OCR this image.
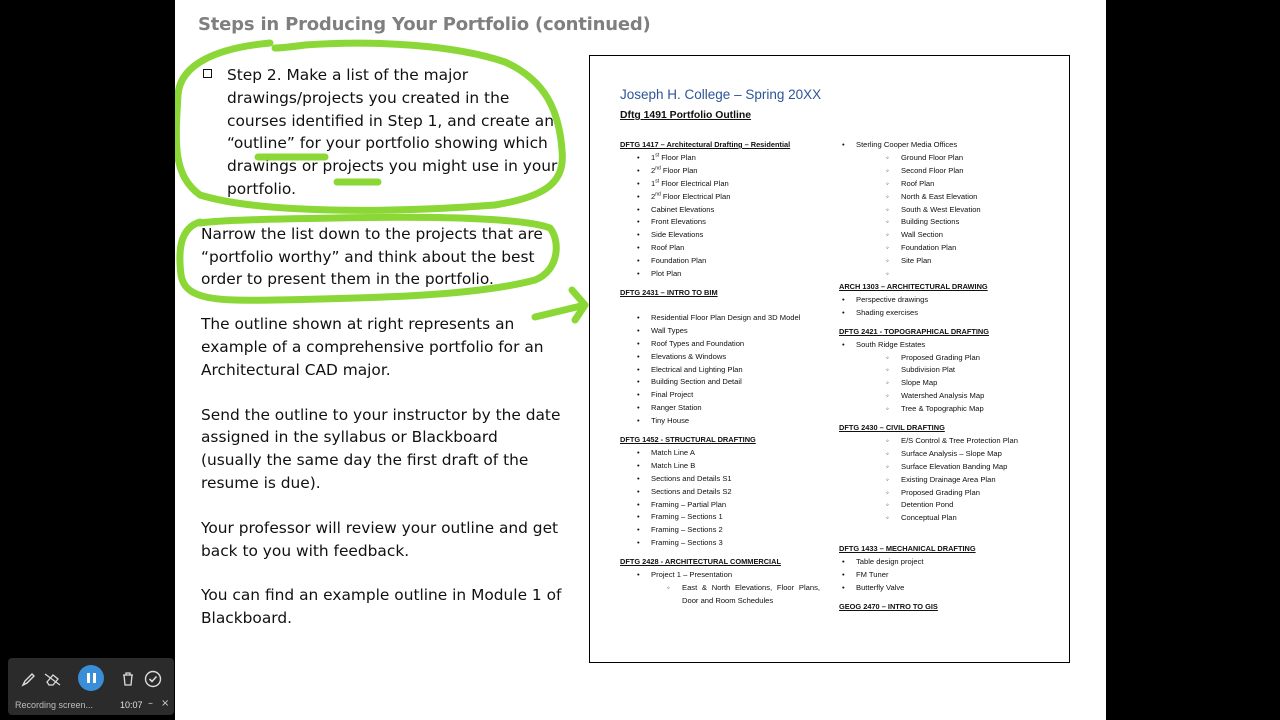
Steps in Producing Your Portfolio (continued)
Step 2. Make a list of the major drawings/projects you created in the courses identified in Step 1, and create an “outline” for your portfolio showing which drawings or projects you might use in your portfolio.
Narrow the list down to the projects that are “portfolio worthy” and think about the best order to present them in the portfolio.
The outline shown at right represents an example of a comprehensive portfolio for an Architectural CAD major.
Send the outline to your instructor by the date assigned in the syllabus or Blackboard (usually the same day the first draft of the resume is due).
Your professor will review your outline and get back to you with feedback.
You can find an example outline in Module 1 of Blackboard.
Joseph H. College – Spring 20XX
Dftg 1491 Portfolio Outline
DFTG 1417 – Architectural Drafting – Residential
• 1st Floor Plan
• 2nd Floor Plan
• 1st Floor Electrical Plan
• 2nd Floor Electrical Plan
• Cabinet Elevations
• Front Elevations
• Side Elevations
• Roof Plan
• Foundation Plan
• Plot Plan
DFTG 2431 – INTRO TO BIM
• Residential Floor Plan Design and 3D Model
• Wall Types
• Roof Types and Foundation
• Elevations & Windows
• Electrical and Lighting Plan
• Building Section and Detail
• Final Project
• Ranger Station
• Tiny House
DFTG 1452 - STRUCTURAL DRAFTING
• Match Line A
• Match Line B
• Sections and Details S1
• Sections and Details S2
• Framing – Partial Plan
• Framing – Sections 1
• Framing – Sections 2
• Framing – Sections 3
DFTG 2428 - ARCHITECTURAL COMMERCIAL
• Project 1 – Presentation
◦ East & North Elevations, Floor Plans, Door and Room Schedules
• Sterling Cooper Media Offices
◦ Ground Floor Plan
◦ Second Floor Plan
◦ Roof Plan
◦ North & East Elevation
◦ South & West Elevation
◦ Building Sections
◦ Wall Section
◦ Foundation Plan
◦ Site Plan
◦
ARCH 1303 – ARCHITECTURAL DRAWING
• Perspective drawings
• Shading exercises
DFTG 2421 - TOPOGRAPHICAL DRAFTING
• South Ridge Estates
◦ Proposed Grading Plan
◦ Subdivision Plat
◦ Slope Map
◦ Watershed Analysis Map
◦ Tree & Topographic Map
DFTG 2430 – CIVIL DRAFTING
◦ E/S Control & Tree Protection Plan
◦ Surface Analysis – Slope Map
◦ Surface Elevation Banding Map
◦ Existing Drainage Area Plan
◦ Proposed Grading Plan
◦ Detention Pond
◦ Conceptual Plan
DFTG 1433 – MECHANICAL DRAFTING
• Table design project
• FM Tuner
• Butterfly Valve
GEOG 2470 – INTRO TO GIS
Recording screen...	10:07 – ×
